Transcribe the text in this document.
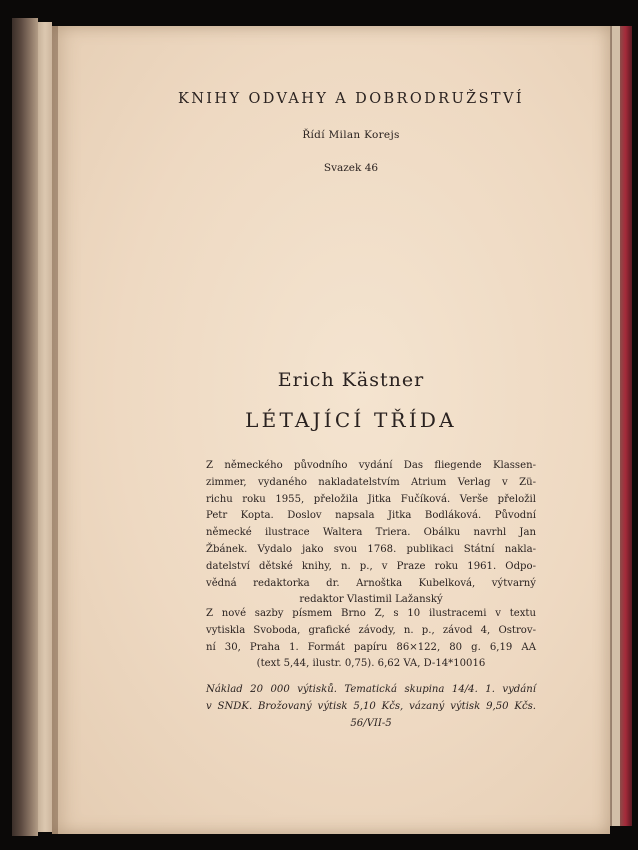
KNIHY ODVAHY A DOBRODRUŽSTVÍ
Řídí Milan Korejs
Svazek 46
Erich Kästner
LÉTAJÍCÍ TŘÍDA
Z německého původního vydání Das fliegende Klassen-
zimmer, vydaného nakladatelstvím Atrium Verlag v Zü-
richu roku 1955, přeložila Jitka Fučíková. Verše přeložil
Petr Kopta. Doslov napsala Jitka Bodláková. Původní
německé ilustrace Waltera Triera. Obálku navrhl Jan
Žbánek. Vydalo jako svou 1768. publikaci Státní nakla-
datelství dětské knihy, n. p., v Praze roku 1961. Odpo-
vědná redaktorka dr. Arnoštka Kubelková, výtvarný
redaktor Vlastimil Lažanský
Z nové sazby písmem Brno Z, s 10 ilustracemi v textu
vytiskla Svoboda, grafické závody, n. p., závod 4, Ostrov-
ní 30, Praha 1. Formát papíru 86×122, 80 g. 6,19 AA
(text 5,44, ilustr. 0,75). 6,62 VA, D-14*10016
Náklad 20 000 výtisků. Tematická skupina 14/4. 1. vydání
v SNDK. Brožovaný výtisk 5,10 Kčs, vázaný výtisk 9,50 Kčs.
56/VII-5
